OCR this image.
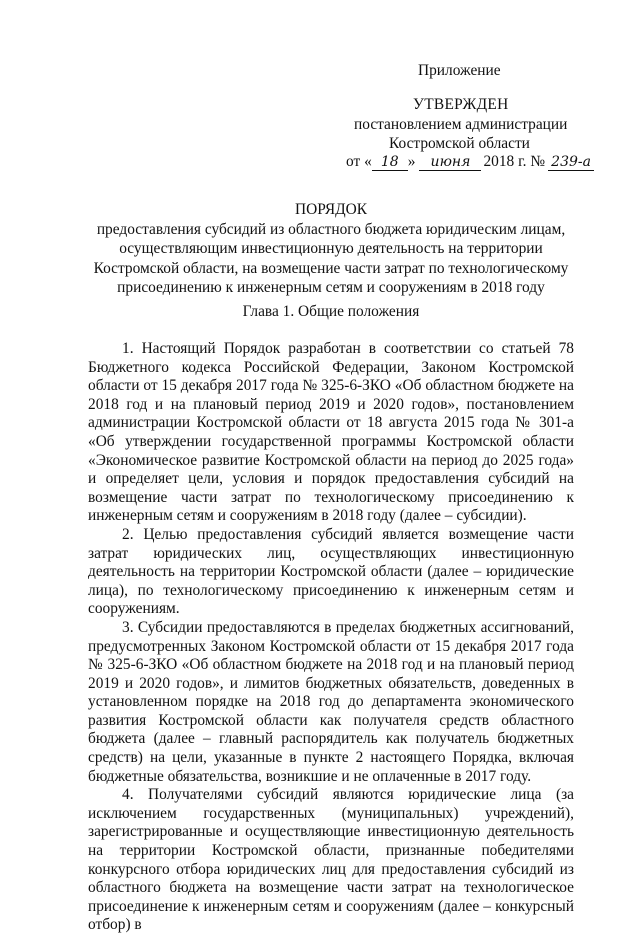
Приложение
УТВЕРЖДЕН
постановлением администрации
Костромской области
от « 18 » июня 2018 г. № 239-а
ПОРЯДОК
предоставления субсидий из областного бюджета юридическим лицам,
осуществляющим инвестиционную деятельность на территории
Костромской области, на возмещение части затрат по технологическому
присоединению к инженерным сетям и сооружениям в 2018 году
Глава 1. Общие положения

1. Настоящий Порядок разработан в соответствии со статьей 78 Бюджетного кодекса Российской Федерации, Законом Костромской области от 15 декабря 2017 года № 325-6-ЗКО «Об областном бюджете на 2018 год и на плановый период 2019 и 2020 годов», постановлением администрации Костромской области от 18 августа 2015 года № 301-а «Об утверждении государственной программы Костромской области «Экономическое развитие Костромской области на период до 2025 года» и определяет цели, условия и порядок предоставления субсидий на возмещение части затрат по технологическому присоединению к инженерным сетям и сооружениям в 2018 году (далее – субсидии).

2. Целью предоставления субсидий является возмещение части затрат юридических лиц, осуществляющих инвестиционную деятельность на территории Костромской области (далее – юридические лица), по технологическому присоединению к инженерным сетям и сооружениям.

3. Субсидии предоставляются в пределах бюджетных ассигнований, предусмотренных Законом Костромской области от 15 декабря 2017 года № 325-6-ЗКО «Об областном бюджете на 2018 год и на плановый период 2019 и 2020 годов», и лимитов бюджетных обязательств, доведенных в установленном порядке на 2018 год до департамента экономического развития Костромской области как получателя средств областного бюджета (далее – главный распорядитель как получатель бюджетных средств) на цели, указанные в пункте 2 настоящего Порядка, включая бюджетные обязательства, возникшие и не оплаченные в 2017 году.

4. Получателями субсидий являются юридические лица (за исключением государственных (муниципальных) учреждений), зарегистрированные и осуществляющие инвестиционную деятельность на территории Костромской области, признанные победителями конкурсного отбора юридических лиц для предоставления субсидий из областного бюджета на возмещение части затрат на технологическое присоединение к инженерным сетям и сооружениям (далее – конкурсный отбор) в
